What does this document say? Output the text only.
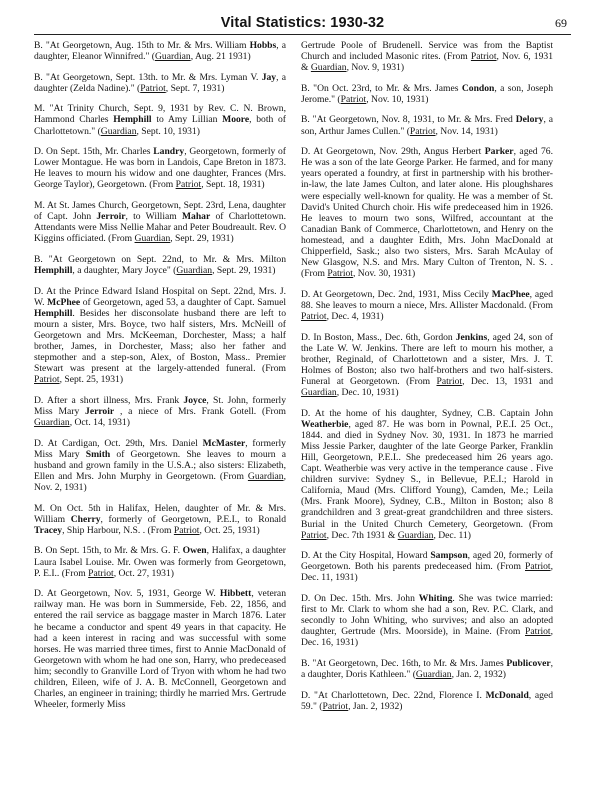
Vital Statistics: 1930-32	69

B. "At Georgetown, Aug. 15th to Mr. & Mrs. William Hobbs, a daughter, Eleanor Winnifred." (Guardian, Aug. 21 1931)

B. "At Georgetown, Sept. 13th. to Mr. & Mrs. Lyman V. Jay, a daughter (Zelda Nadine)." (Patriot, Sept. 7, 1931)

M. "At Trinity Church, Sept. 9, 1931 by Rev. C. N. Brown, Hammond Charles Hemphill to Amy Lillian Moore, both of Charlottetown." (Guardian, Sept. 10, 1931)

D. On Sept. 15th, Mr. Charles Landry, Georgetown, formerly of Lower Montague. He was born in Landois, Cape Breton in 1873. He leaves to mourn his widow and one daughter, Frances (Mrs. George Taylor), Georgetown. (From Patriot, Sept. 18, 1931)

M. At St. James Church, Georgetown, Sept. 23rd, Lena, daughter of Capt. John Jerroir, to William Mahar of Charlottetown. Attendants were Miss Nellie Mahar and Peter Boudreault. Rev. O Kiggins officiated. (From Guardian, Sept. 29, 1931)

B. "At Georgetown on Sept. 22nd, to Mr. & Mrs. Milton Hemphill, a daughter, Mary Joyce" (Guardian, Sept. 29, 1931)

D. At the Prince Edward Island Hospital on Sept. 22nd, Mrs. J. W. McPhee of Georgetown, aged 53, a daughter of Capt. Samuel Hemphill. Besides her disconsolate husband there are left to mourn a sister, Mrs. Boyce, two half sisters, Mrs. McNeill of Georgetown and Mrs. McKeeman, Dorchester, Mass; a half brother, James, in Dorchester, Mass; also her father and stepmother and a step-son, Alex, of Boston, Mass.. Premier Stewart was present at the largely-attended funeral. (From Patriot, Sept. 25, 1931)

D. After a short illness, Mrs. Frank Joyce, St. John, formerly Miss Mary Jerroir , a niece of Mrs. Frank Gotell. (From Guardian, Oct. 14, 1931)

D. At Cardigan, Oct. 29th, Mrs. Daniel McMaster, formerly Miss Mary Smith of Georgetown. She leaves to mourn a husband and grown family in the U.S.A.; also sisters: Elizabeth, Ellen and Mrs. John Murphy in Georgetown. (From Guardian, Nov. 2, 1931)

M. On Oct. 5th in Halifax, Helen, daughter of Mr. & Mrs. William Cherry, formerly of Georgetown, P.E.I., to Ronald Tracey, Ship Harbour, N.S. . (From Patriot, Oct. 25, 1931)

B. On Sept. 15th, to Mr. & Mrs. G. F. Owen, Halifax, a daughter Laura Isabel Louise. Mr. Owen was formerly from Georgetown, P. E.I.. (From Patriot, Oct. 27, 1931)

D. At Georgetown, Nov. 5, 1931, George W. Hibbett, veteran railway man. He was born in Summerside, Feb. 22, 1856, and entered the rail service as baggage master in March 1876. Later he became a conductor and spent 49 years in that capacity. He had a keen interest in racing and was successful with some horses. He was married three times, first to Annie MacDonald of Georgetown with whom he had one son, Harry, who predeceased him; secondly to Granville Lord of Tryon with whom he had two children, Eileen, wife of J. A. B. McConnell, Georgetown and Charles, an engineer in training; thirdly he married Mrs. Gertrude Wheeler, formerly Miss

Gertrude Poole of Brudenell. Service was from the Baptist Church and included Masonic rites. (From Patriot, Nov. 6, 1931 & Guardian, Nov. 9, 1931)

B. "On Oct. 23rd, to Mr. & Mrs. James Condon, a son, Joseph Jerome." (Patriot, Nov. 10, 1931)

B. "At Georgetown, Nov. 8, 1931, to Mr. & Mrs. Fred Delory, a son, Arthur James Cullen." (Patriot, Nov. 14, 1931)

D. At Georgetown, Nov. 29th, Angus Herbert Parker, aged 76. He was a son of the late George Parker. He farmed, and for many years operated a foundry, at first in partnership with his brother-in-law, the late James Culton, and later alone. His ploughshares were especially well-known for quality. He was a member of St. David's United Church choir. His wife predeceased him in 1926. He leaves to mourn two sons, Wilfred, accountant at the Canadian Bank of Commerce, Charlottetown, and Henry on the homestead, and a daughter Edith, Mrs. John MacDonald at Chipperfield, Sask.; also two sisters, Mrs. Sarah McAulay of New Glasgow, N.S. and Mrs. Mary Culton of Trenton, N. S. . (From Patriot, Nov. 30, 1931)

D. At Georgetown, Dec. 2nd, 1931, Miss Cecily MacPhee, aged 88. She leaves to mourn a niece, Mrs. Allister Macdonald. (From Patriot, Dec. 4, 1931)

D. In Boston, Mass., Dec. 6th, Gordon Jenkins, aged 24, son of the Late W. W. Jenkins. There are left to mourn his mother, a brother, Reginald, of Charlottetown and a sister, Mrs. J. T. Holmes of Boston; also two half-brothers and two half-sisters. Funeral at Georgetown. (From Patriot, Dec. 13, 1931 and Guardian, Dec. 10, 1931)

D. At the home of his daughter, Sydney, C.B. Captain John Weatherbie, aged 87. He was born in Pownal, P.E.I. 25 Oct., 1844. and died in Sydney Nov. 30, 1931. In 1873 he married Miss Jessie Parker, daughter of the late George Parker, Franklin Hill, Georgetown, P.E.I.. She predeceased him 26 years ago. Capt. Weatherbie was very active in the temperance cause . Five children survive: Sydney S., in Bellevue, P.E.I.; Harold in California, Maud (Mrs. Clifford Young), Camden, Me.; Leila (Mrs. Frank Moore), Sydney, C.B., Milton in Boston; also 8 grandchildren and 3 great-great grandchildren and three sisters. Burial in the United Church Cemetery, Georgetown. (From Patriot, Dec. 7th 1931 & Guardian, Dec. 11)

D. At the City Hospital, Howard Sampson, aged 20, formerly of Georgetown. Both his parents predeceased him. (From Patriot, Dec. 11, 1931)

D. On Dec. 15th. Mrs. John Whiting. She was twice married: first to Mr. Clark to whom she had a son, Rev. P.C. Clark, and secondly to John Whiting, who survives; and also an adopted daughter, Gertrude (Mrs. Moorside), in Maine. (From Patriot, Dec. 16, 1931)

B. "At Georgetown, Dec. 16th, to Mr. & Mrs. James Publicover, a daughter, Doris Kathleen." (Guardian, Jan. 2, 1932)

D. "At Charlottetown, Dec. 22nd, Florence I. McDonald, aged 59." (Patriot, Jan. 2, 1932)
